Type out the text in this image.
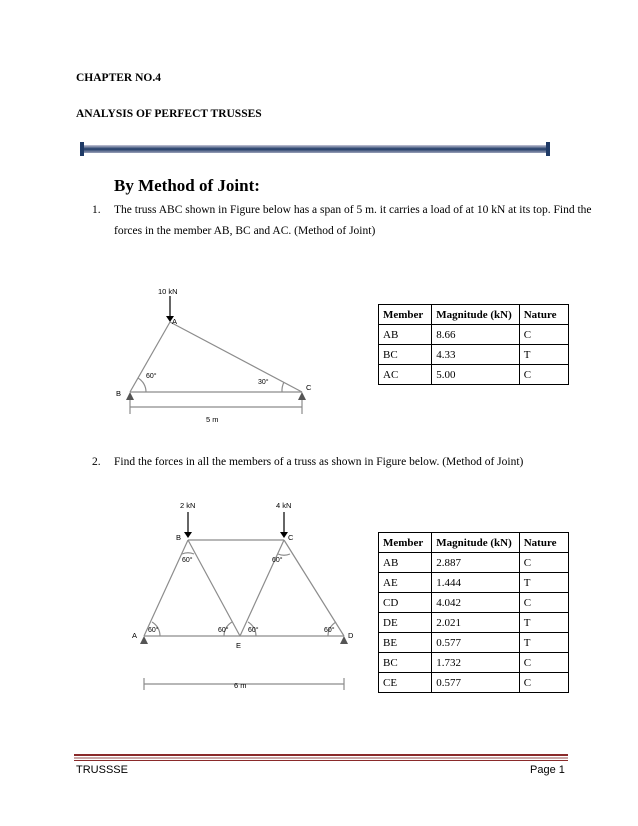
CHAPTER NO.4
ANALYSIS OF PERFECT TRUSSES
By Method of Joint:
1. The truss ABC shown in Figure below has a span of 5 m. it carries a load of at 10 kN at its top. Find the forces in the member AB, BC and AC. (Method of Joint)
10 kN
A
B
C
60°
30°
5 m
Member	Magnitude (kN)	Nature
AB	8.66	C
BC	4.33	T
AC	5.00	C
2. Find the forces in all the members of a truss as shown in Figure below. (Method of Joint)
2 kN	4 kN
B	C
A	D
E
60°	60°
60°	60°	60°	60°
6 m
Member	Magnitude (kN)	Nature
AB	2.887	C
AE	1.444	T
CD	4.042	C
DE	2.021	T
BE	0.577	T
BC	1.732	C
CE	0.577	C
TRUSSSE	Page 1
